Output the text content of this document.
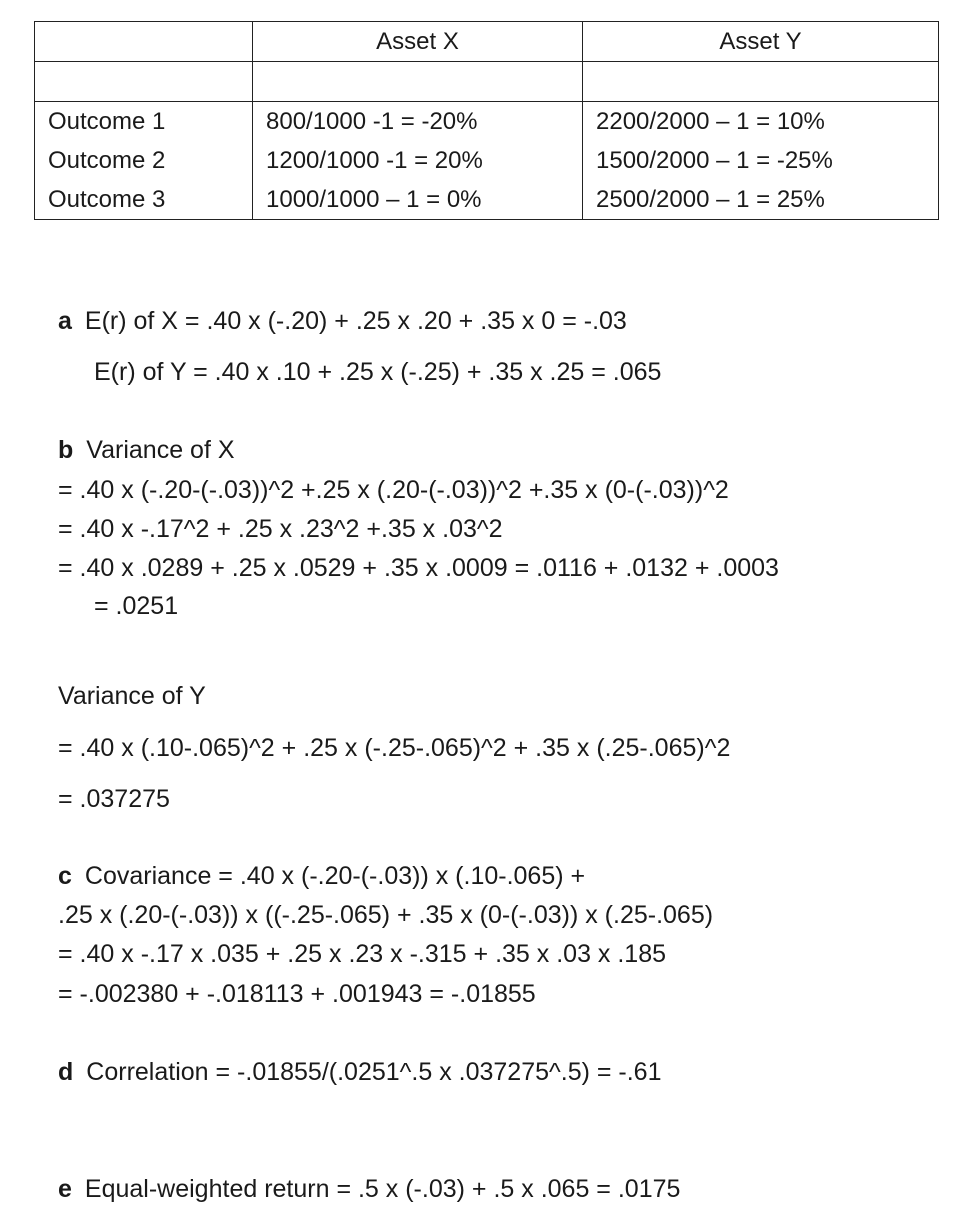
	Asset X	Asset Y

Outcome 1	800/1000 -1 = -20%	2200/2000 – 1 = 10%
Outcome 2	1200/1000 -1 = 20%	1500/2000 – 1 = -25%
Outcome 3	1000/1000 – 1 = 0%	2500/2000 – 1 = 25%
a E(r) of X = .40 x (-.20) + .25 x .20 + .35 x 0 = -.03
E(r) of Y = .40 x .10 + .25 x (-.25) + .35 x .25 = .065
b Variance of X
= .40 x (-.20-(-.03))^2 +.25 x (.20-(-.03))^2 +.35 x (0-(-.03))^2
= .40 x -.17^2 + .25 x .23^2 +.35 x .03^2
= .40 x .0289 + .25 x .0529 + .35 x .0009 = .0116 + .0132 + .0003
= .0251
Variance of Y
= .40 x (.10-.065)^2 + .25 x (-.25-.065)^2 + .35 x (.25-.065)^2
= .037275
c Covariance = .40 x (-.20-(-.03)) x (.10-.065) +
.25 x (.20-(-.03)) x ((-.25-.065) + .35 x (0-(-.03)) x (.25-.065)
= .40 x -.17 x .035 + .25 x .23 x -.315 + .35 x .03 x .185
= -.002380 + -.018113 + .001943 = -.01855
d Correlation = -.01855/(.0251^.5 x .037275^.5) = -.61
e Equal-weighted return = .5 x (-.03) + .5 x .065 = .0175
